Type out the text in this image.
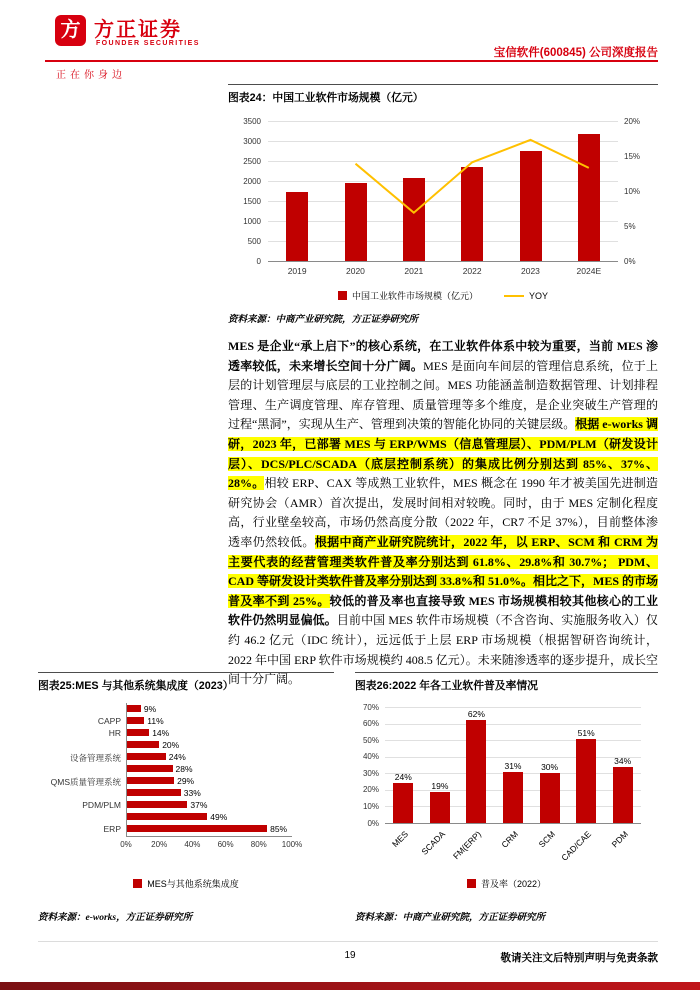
方 方正证券
FOUNDER SECURITIES
正在你身边
宝信软件(600845) 公司深度报告
图表24：中国工业软件市场规模（亿元）
0
500
1000
1500
2000
2500
3000
3500
0%
5%
10%
15%
20%
2019	2020	2021	2022	2023	2024E
中国工业软件市场规模（亿元）	YOY
资料来源：中商产业研究院，方正证券研究所

MES 是企业“承上启下”的核心系统，在工业软件体系中较为重要，当前 MES 渗透率较低，未来增长空间十分广阔。MES 是面向车间层的管理信息系统，位于上层的计划管理层与底层的工业控制之间。MES 功能涵盖制造数据管理、计划排程管理、生产调度管理、库存管理、质量管理等多个维度，是企业突破生产管理的过程“黑洞”，实现从生产、管理到决策的智能化协同的关键层级。根据 e-works 调研，2023 年，已部署 MES 与 ERP/WMS（信息管理层）、PDM/PLM（研发设计层）、DCS/PLC/SCADA（底层控制系统）的集成比例分别达到 85%、37%、28%。相较 ERP、CAX 等成熟工业软件，MES 概念在 1990 年才被美国先进制造研究协会（AMR）首次提出，发展时间相对较晚。同时，由于 MES 定制化程度高，行业壁垒较高，市场仍然高度分散（2022 年，CR7 不足 37%），目前整体渗透率仍然较低。根据中商产业研究院统计，2022 年，以 ERP、SCM 和 CRM 为主要代表的经营管理类软件普及率分别达到 61.8%、29.8%和 30.7%； PDM、CAD 等研发设计类软件普及率分别达到 33.8%和 51.0%。相比之下，MES 的市场普及率不到 25%。较低的普及率也直接导致 MES 市场规模相较其他核心的工业软件仍然明显偏低。目前中国 MES 软件市场规模（不含咨询、实施服务收入）仅约 46.2 亿元（IDC 统计），远远低于上层 ERP 市场规模（根据智研咨询统计，2022 年中国 ERP 软件市场规模约 408.5 亿元）。未来随渗透率的逐步提升，成长空间十分广阔。

图表25:MES 与其他系统集成度（2023）
9%
CAPP	11%
HR	14%
20%
设备管理系统	24%
28%
QMS质量管理系统	29%
33%
PDM/PLM	37%
49%
ERP	85%
0%	20%	40%	60%	80%	100%
MES与其他系统集成度
资料来源：e-works，方正证券研究所
图表26:2022 年各工业软件普及率情况
0%
10%
20%
30%
40%
50%
60%
70%
24%
MES
19%
SCADA
62%
FM(ERP)
31%
CRM
30%
SCM
51%
CAD/CAE
34%
PDM
普及率（2022）
资料来源：中商产业研究院，方正证券研究所
19	敬请关注文后特别声明与免责条款
